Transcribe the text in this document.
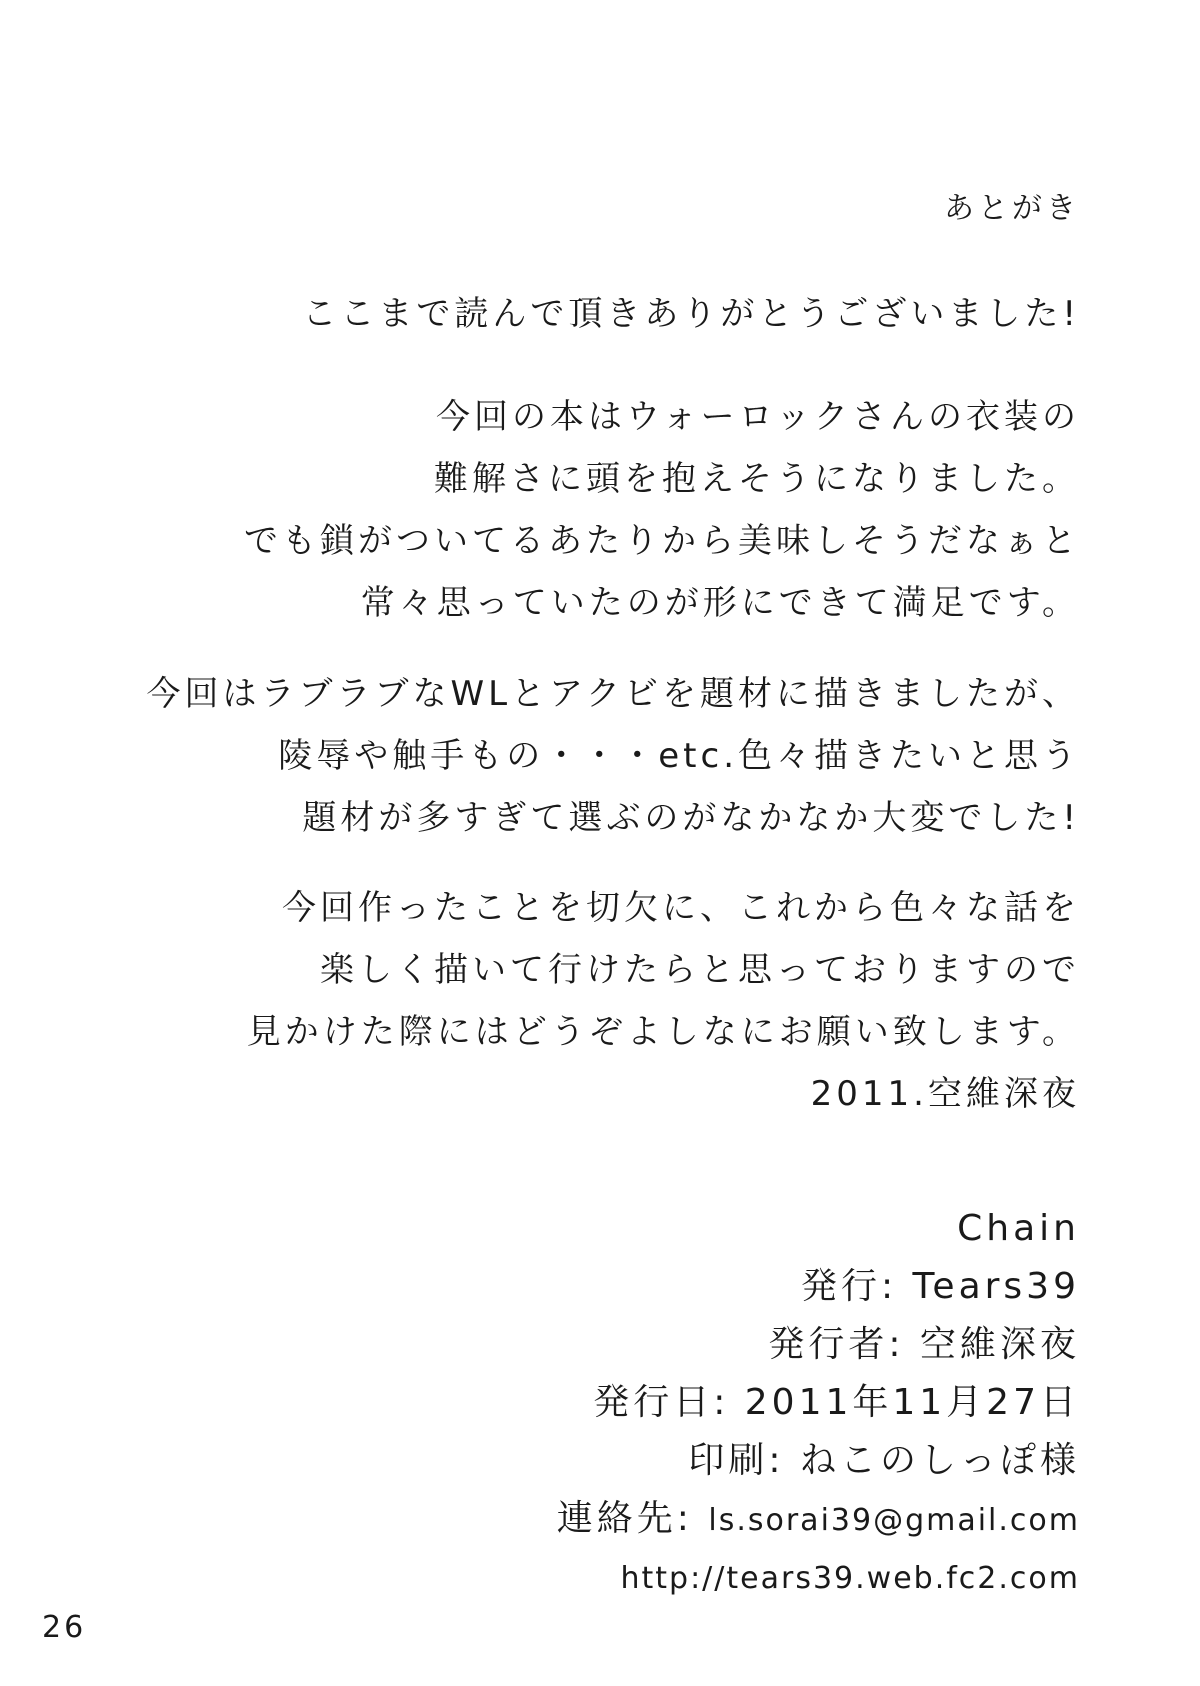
あとがき
ここまで読んで頂きありがとうございました!
今回の本はウォーロックさんの衣装の
難解さに頭を抱えそうになりました。
でも鎖がついてるあたりから美味しそうだなぁと
常々思っていたのが形にできて満足です。
今回はラブラブなWLとアクビを題材に描きましたが、
陵辱や触手もの・・・etc.色々描きたいと思う
題材が多すぎて選ぶのがなかなか大変でした!
今回作ったことを切欠に、これから色々な話を
楽しく描いて行けたらと思っておりますので
見かけた際にはどうぞよしなにお願い致します。
2011.空維深夜
Chain
発行: Tears39
発行者: 空維深夜
発行日: 2011年11月27日
印刷: ねこのしっぽ様
連絡先: ls.sorai39@gmail.com
http://tears39.web.fc2.com
26
